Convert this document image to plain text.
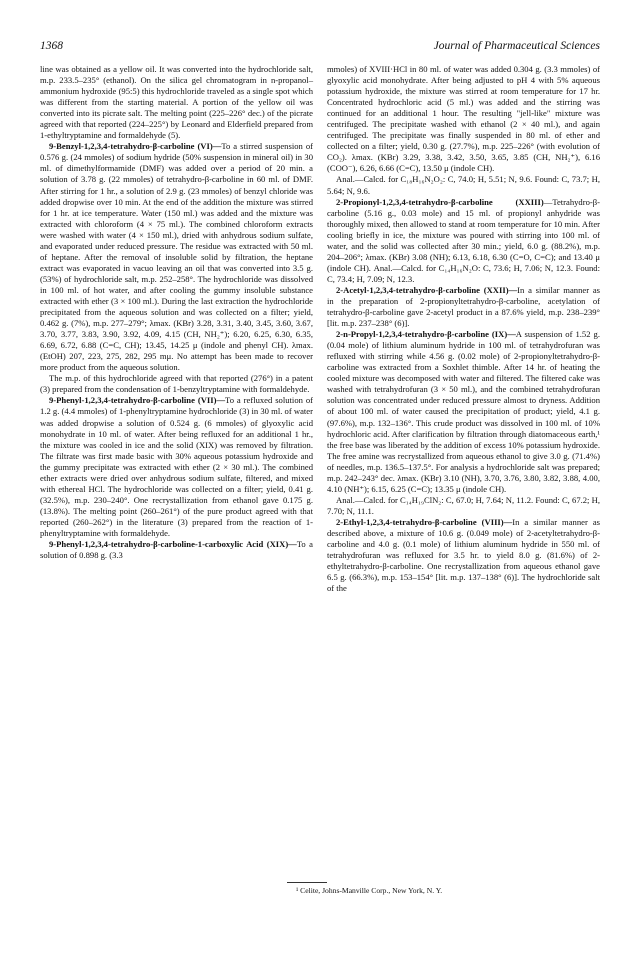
1368	Journal of Pharmaceutical Sciences

line was obtained as a yellow oil. It was converted into the hydrochloride salt, m.p. 233.5–235° (ethanol). On the silica gel chromatogram in n-propanol–ammonium hydroxide (95:5) this hydrochloride traveled as a single spot which was different from the starting material. A portion of the yellow oil was converted into its picrate salt. The melting point (225–226° dec.) of the picrate agreed with that reported (224–225°) by Leonard and Elderfield prepared from 1-ethyltryptamine and formaldehyde (5).

9-Benzyl-1,2,3,4-tetrahydro-β-carboline (VI)—To a stirred suspension of 0.576 g. (24 mmoles) of sodium hydride (50% suspension in mineral oil) in 30 ml. of dimethylformamide (DMF) was added over a period of 20 min. a solution of 3.78 g. (22 mmoles) of tetrahydro-β-carboline in 60 ml. of DMF. After stirring for 1 hr., a solution of 2.9 g. (23 mmoles) of benzyl chloride was added dropwise over 10 min. At the end of the addition the mixture was stirred for 1 hr. at ice temperature. Water (150 ml.) was added and the mixture was extracted with chloroform (4 × 75 ml.). The combined chloroform extracts were washed with water (4 × 150 ml.), dried with anhydrous sodium sulfate, and evaporated under reduced pressure. The residue was extracted with 50 ml. of heptane. After the removal of insoluble solid by filtration, the heptane extract was evaporated in vacuo leaving an oil that was converted into 3.5 g. (53%) of hydrochloride salt, m.p. 252–258°. The hydrochloride was dissolved in 100 ml. of hot water, and after cooling the gummy insoluble substance extracted with ether (3 × 100 ml.). During the last extraction the hydrochloride precipitated from the aqueous solution and was collected on a filter; yield, 0.462 g. (7%), m.p. 277–279°; λmax. (KBr) 3.28, 3.31, 3.40, 3.45, 3.60, 3.67, 3.70, 3.77, 3.83, 3.90, 3.92, 4.09, 4.15 (CH, NH₂⁺); 6.20, 6.25, 6.30, 6.35, 6.69, 6.72, 6.88 (C=C, CH); 13.45, 14.25 μ (indole and phenyl CH). λmax. (EtOH) 207, 223, 275, 282, 295 mμ. No attempt has been made to recover more product from the aqueous solution.

The m.p. of this hydrochloride agreed with that reported (276°) in a patent (3) prepared from the condensation of 1-benzyltryptamine with formaldehyde.

9-Phenyl-1,2,3,4-tetrahydro-β-carboline (VII)—To a refluxed solution of 1.2 g. (4.4 mmoles) of 1-phenyltryptamine hydrochloride (3) in 30 ml. of water was added dropwise a solution of 0.524 g. (6 mmoles) of glyoxylic acid monohydrate in 10 ml. of water. After being refluxed for an additional 1 hr., the mixture was cooled in ice and the solid (XIX) was removed by filtration. The filtrate was first made basic with 30% aqueous potassium hydroxide and the gummy precipitate was extracted with ether (2 × 30 ml.). The combined ether extracts were dried over anhydrous sodium sulfate, filtered, and mixed with ethereal HCl. The hydrochloride was collected on a filter; yield, 0.41 g. (32.5%), m.p. 230–240°. One recrystallization from ethanol gave 0.175 g. (13.8%). The melting point (260–261°) of the pure product agreed with that reported (260–262°) in the literature (3) prepared from the reaction of 1-phenyltryptamine with formaldehyde.

9-Phenyl-1,2,3,4-tetrahydro-β-carboline-1-carboxylic Acid (XIX)—To a solution of 0.898 g. (3.3

mmoles) of XVIII·HCl in 80 ml. of water was added 0.304 g. (3.3 mmoles) of glyoxylic acid monohydrate. After being adjusted to pH 4 with 5% aqueous potassium hydroxide, the mixture was stirred at room temperature for 17 hr. Concentrated hydrochloric acid (5 ml.) was added and the stirring was continued for an additional 1 hour. The resulting "jell-like" mixture was centrifuged. The precipitate washed with ethanol (2 × 40 ml.), and again centrifuged. The precipitate was finally suspended in 80 ml. of ether and collected on a filter; yield, 0.30 g. (27.7%), m.p. 225–226° (with evolution of CO₂). λmax. (KBr) 3.29, 3.38, 3.42, 3.50, 3.65, 3.85 (CH, NH₂⁺), 6.16 (COO⁻), 6.26, 6.66 (C=C), 13.50 μ (indole CH).

Anal.—Calcd. for C₁₈H₁₆N₂O₂: C, 74.0; H, 5.51; N, 9.6. Found: C, 73.7; H, 5.64; N, 9.6.

2-Propionyl-1,2,3,4-tetrahydro-β-carboline (XXIII)—Tetrahydro-β-carboline (5.16 g., 0.03 mole) and 15 ml. of propionyl anhydride was thoroughly mixed, then allowed to stand at room temperature for 10 min. After cooling briefly in ice, the mixture was poured with stirring into 100 ml. of water, and the solid was collected after 30 min.; yield, 6.0 g. (88.2%), m.p. 204–206°; λmax. (KBr) 3.08 (NH); 6.13, 6.18, 6.30 (C=O, C=C); and 13.40 μ (indole CH). Anal.—Calcd. for C₁₄H₁₆N₂O: C, 73.6; H, 7.06; N, 12.3. Found: C, 73.4; H, 7.09; N, 12.3.

2-Acetyl-1,2,3,4-tetrahydro-β-carboline (XXII)—In a similar manner as in the preparation of 2-propionyltetrahydro-β-carboline, acetylation of tetrahydro-β-carboline gave 2-acetyl product in a 87.6% yield, m.p. 238–239° [lit. m.p. 237–238° (6)].

2-n-Propyl-1,2,3,4-tetrahydro-β-carboline (IX)—A suspension of 1.52 g. (0.04 mole) of lithium aluminum hydride in 100 ml. of tetrahydrofuran was refluxed with stirring while 4.56 g. (0.02 mole) of 2-propionyltetrahydro-β-carboline was extracted from a Soxhlet thimble. After 14 hr. of heating the cooled mixture was decomposed with water and filtered. The filtered cake was washed with tetrahydrofuran (3 × 50 ml.), and the combined tetrahydrofuran solution was concentrated under reduced pressure almost to dryness. Addition of about 100 ml. of water caused the precipitation of product; yield, 4.1 g. (97.6%), m.p. 132–136°. This crude product was dissolved in 100 ml. of 10% hydrochloric acid. After clarification by filtration through diatomaceous earth,¹ the free base was liberated by the addition of excess 10% potassium hydroxide. The free amine was recrystallized from aqueous ethanol to give 3.0 g. (71.4%) of needles, m.p. 136.5–137.5°. For analysis a hydrochloride salt was prepared; m.p. 242–243° dec. λmax. (KBr) 3.10 (NH), 3.70, 3.76, 3.80, 3.82, 3.88, 4.00, 4.10 (NH⁺); 6.15, 6.25 (C=C); 13.35 μ (indole CH).

Anal.—Calcd. for C₁₄H₁₉ClN₂: C, 67.0; H, 7.64; N, 11.2. Found: C, 67.2; H, 7.70; N, 11.1.

2-Ethyl-1,2,3,4-tetrahydro-β-carboline (VIII)—In a similar manner as described above, a mixture of 10.6 g. (0.049 mole) of 2-acetyltetrahydro-β-carboline and 4.0 g. (0.1 mole) of lithium aluminum hydride in 550 ml. of tetrahydrofuran was refluxed for 3.5 hr. to yield 8.0 g. (81.6%) of 2-ethyltetrahydro-β-carboline. One recrystallization from aqueous ethanol gave 6.5 g. (66.3%), m.p. 153–154° [lit. m.p. 137–138° (6)]. The hydrochloride salt of the

¹ Celite, Johns-Manville Corp., New York, N. Y.
